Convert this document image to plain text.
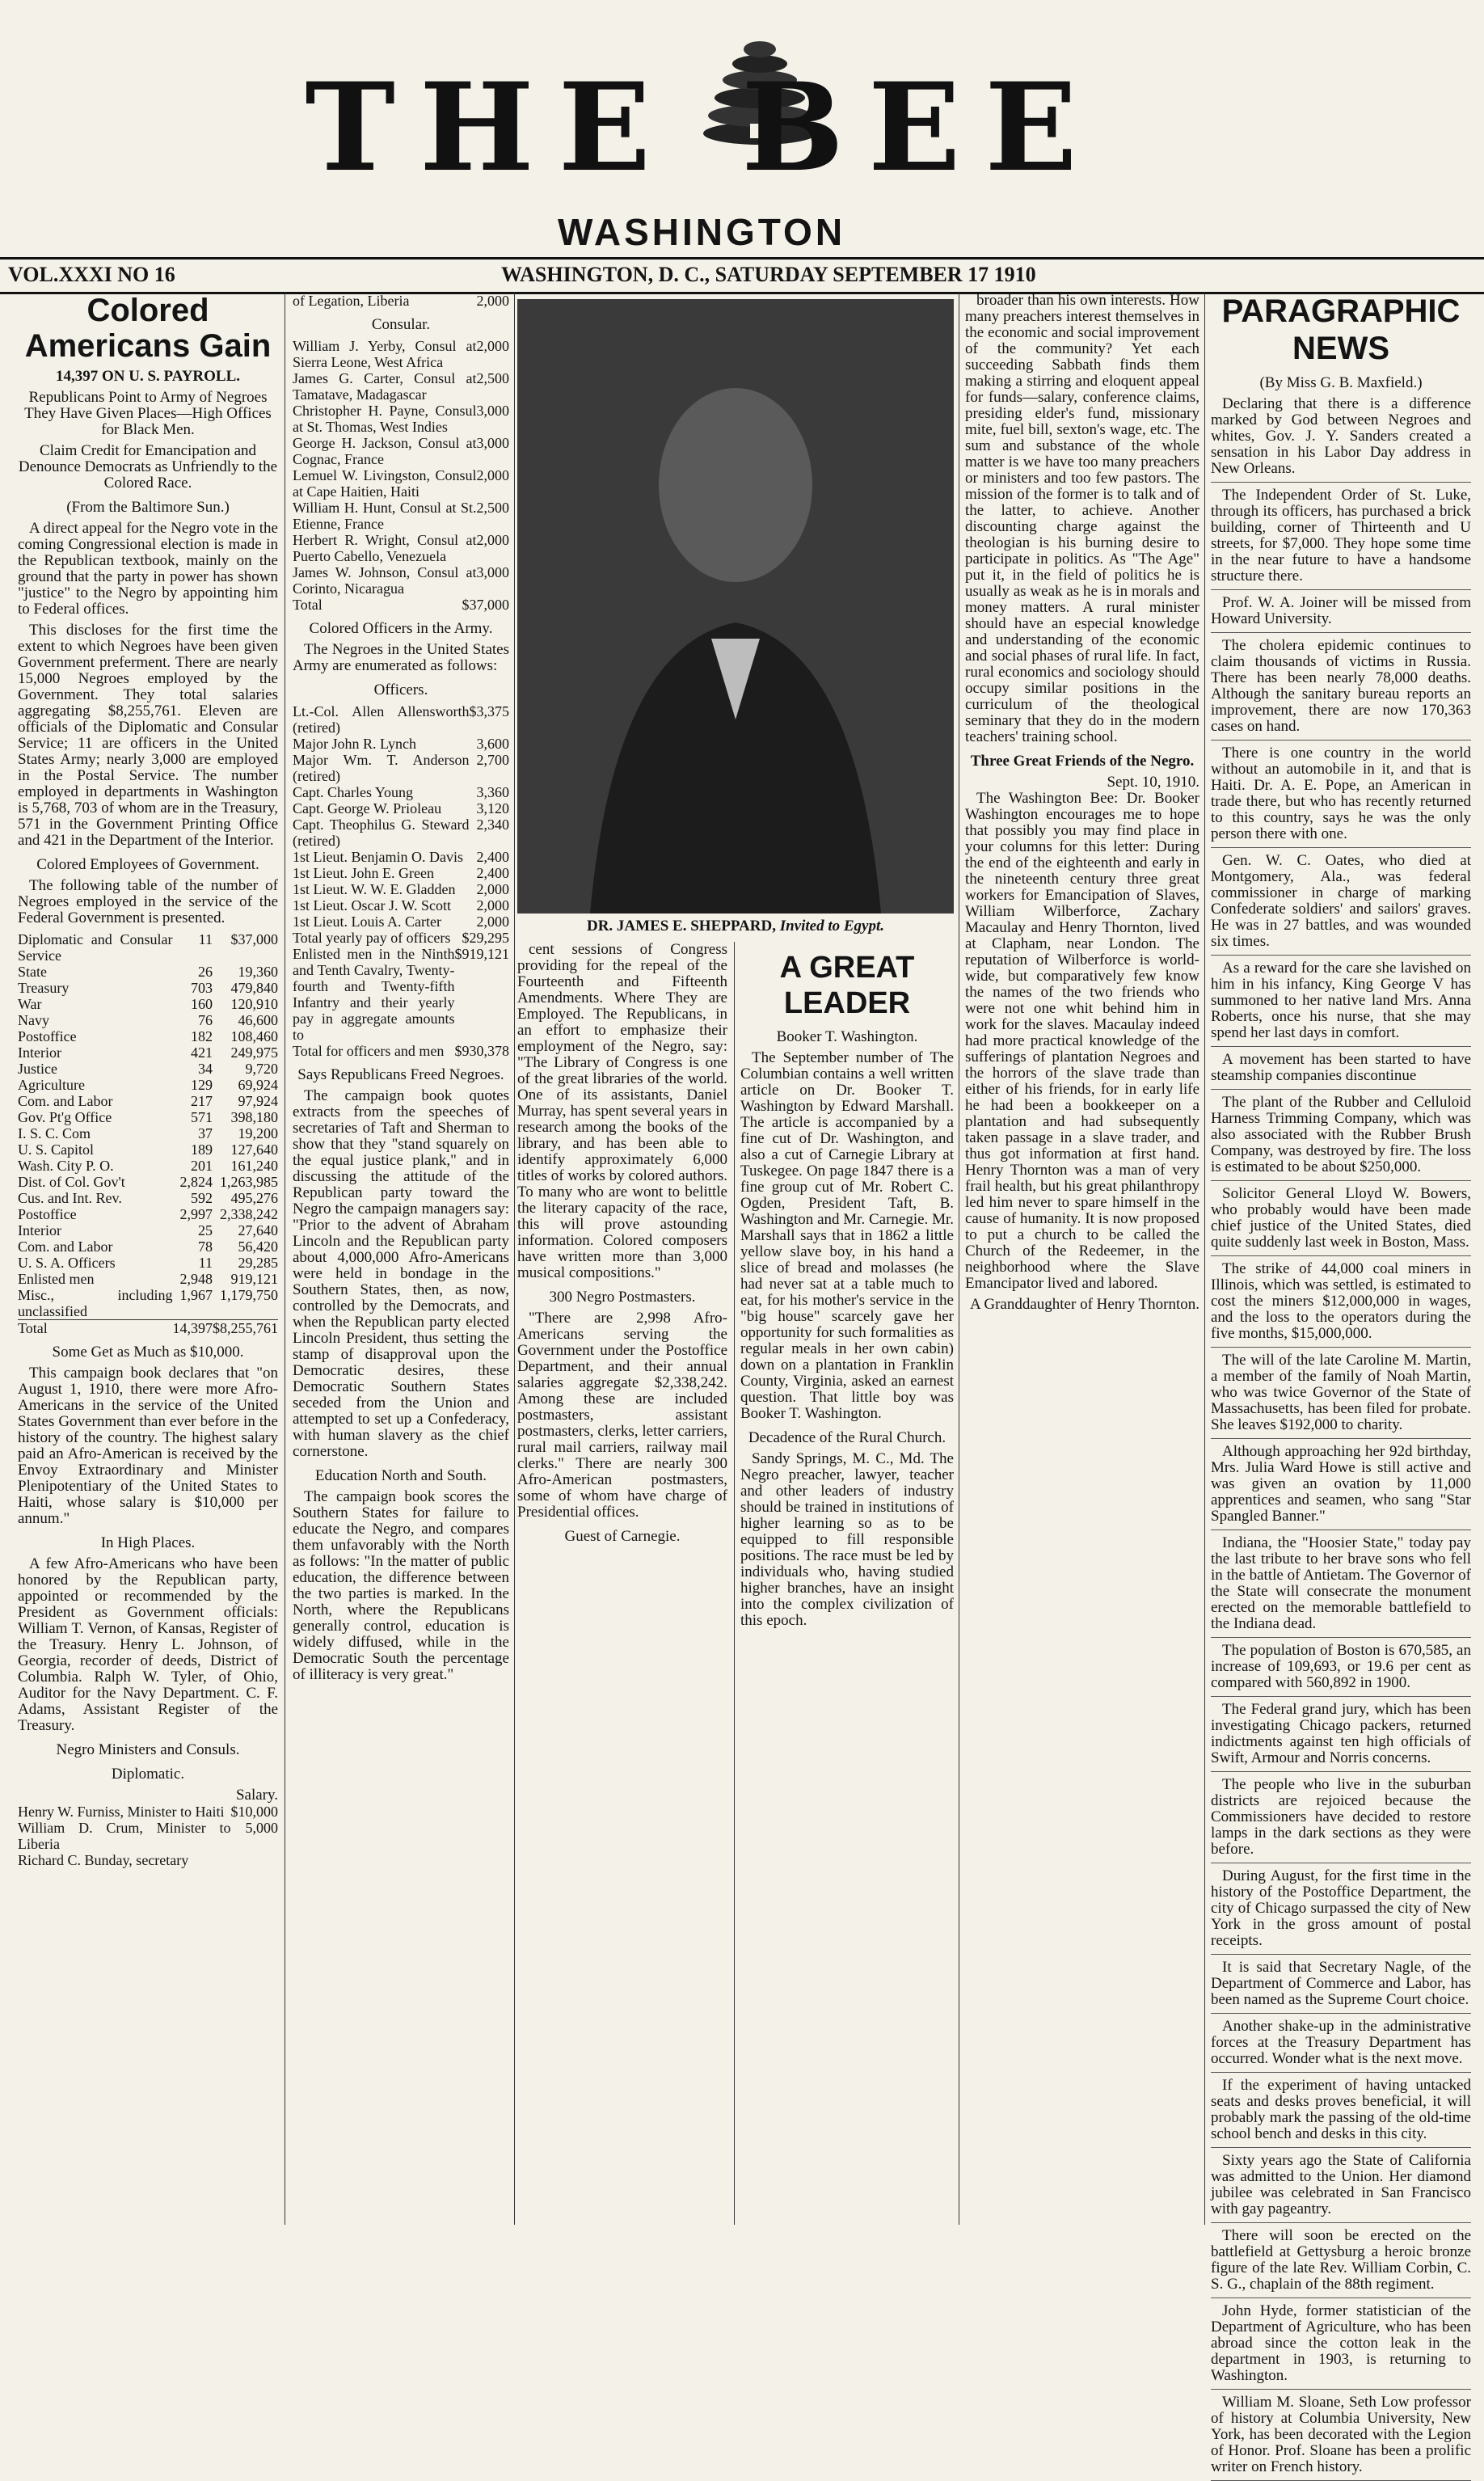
THE BEE
WASHINGTON
VOL.XXXI NO 16	WASHINGTON, D. C., SATURDAY SEPTEMBER 17 1910
Colored Americans Gain
14,397 ON U. S. PAYROLL.
Republicans Point to Army of Negroes They Have Given Places—High Offices for Black Men.
Claim Credit for Emancipation and Denounce Democrats as Unfriendly to the Colored Race.
(From the Baltimore Sun.)

A direct appeal for the Negro vote in the coming Congressional election is made in the Republican textbook, mainly on the ground that the party in power has shown "justice" to the Negro by appointing him to Federal offices.

This discloses for the first time the extent to which Negroes have been given Government preferment. There are nearly 15,000 Negroes employed by the Government. They total salaries aggregating $8,255,761. Eleven are officials of the Diplomatic and Consular Service; 11 are officers in the United States Army; nearly 3,000 are employed in the Postal Service. The number employed in departments in Washington is 5,768, 703 of whom are in the Treasury, 571 in the Government Printing Office and 421 in the Department of the Interior.

Colored Employees of Government.

The following table of the number of Negroes employed in the service of the Federal Government is presented.

Diplomatic and Consular Service	11	$37,000
State	26	19,360
Treasury	703	479,840
War	160	120,910
Navy	76	46,600
Postoffice	182	108,460
Interior	421	249,975
Justice	34	9,720
Agriculture	129	69,924
Com. and Labor	217	97,924
Gov. Pt'g Office	571	398,180
I. S. C. Com	37	19,200
U. S. Capitol	189	127,640
Wash. City P. O.	201	161,240
Dist. of Col. Gov't	2,824	1,263,985
Cus. and Int. Rev.	592	495,276
Postoffice	2,997	2,338,242
Interior	25	27,640
Com. and Labor	78	56,420
U. S. A. Officers	11	29,285
Enlisted men	2,948	919,121
Misc., including unclassified	1,967	1,179,750
Total	14,397	$8,255,761
Some Get as Much as $10,000.

This campaign book declares that "on August 1, 1910, there were more Afro-Americans in the service of the United States Government than ever before in the history of the country. The highest salary paid an Afro-American is received by the Envoy Extraordinary and Minister Plenipotentiary of the United States to Haiti, whose salary is $10,000 per annum."

In High Places.

A few Afro-Americans who have been honored by the Republican party, appointed or recommended by the President as Government officials: William T. Vernon, of Kansas, Register of the Treasury. Henry L. Johnson, of Georgia, recorder of deeds, District of Columbia. Ralph W. Tyler, of Ohio, Auditor for the Navy Department. C. F. Adams, Assistant Register of the Treasury.

Negro Ministers and Consuls.
Diplomatic.
Salary.
Henry W. Furniss, Minister to Haiti	$10,000
William D. Crum, Minister to Liberia	5,000
Richard C. Bunday, secretary	
of Legation, Liberia	2,000
Consular.
William J. Yerby, Consul at Sierra Leone, West Africa	2,000
James G. Carter, Consul at Tamatave, Madagascar	2,500
Christopher H. Payne, Consul at St. Thomas, West Indies	3,000
George H. Jackson, Consul at Cognac, France	3,000
Lemuel W. Livingston, Consul at Cape Haitien, Haiti	2,000
William H. Hunt, Consul at St. Etienne, France	2,500
Herbert R. Wright, Consul at Puerto Cabello, Venezuela	2,000
James W. Johnson, Consul at Corinto, Nicaragua	3,000
Total	$37,000
Colored Officers in the Army.

The Negroes in the United States Army are enumerated as follows:

Officers.
Lt.-Col. Allen Allensworth (retired)	$3,375
Major John R. Lynch	3,600
Major Wm. T. Anderson (retired)	2,700
Capt. Charles Young	3,360
Capt. George W. Prioleau	3,120
Capt. Theophilus G. Steward (retired)	2,340
1st Lieut. Benjamin O. Davis	2,400
1st Lieut. John E. Green	2,400
1st Lieut. W. W. E. Gladden	2,000
1st Lieut. Oscar J. W. Scott	2,000
1st Lieut. Louis A. Carter	2,000
Total yearly pay of officers	$29,295
Enlisted men in the Ninth and Tenth Cavalry, Twenty-fourth and Twenty-fifth Infantry and their yearly pay in aggregate amounts to	$919,121
Total for officers and men	$930,378
Says Republicans Freed Negroes.

The campaign book quotes extracts from the speeches of secretaries of Taft and Sherman to show that they "stand squarely on the equal justice plank," and in discussing the attitude of the Republican party toward the Negro the campaign managers say: "Prior to the advent of Abraham Lincoln and the Republican party about 4,000,000 Afro-Americans were held in bondage in the Southern States, then, as now, controlled by the Democrats, and when the Republican party elected Lincoln President, thus setting the stamp of disapproval upon the Democratic desires, these Democratic Southern States seceded from the Union and attempted to set up a Confederacy, with human slavery as the chief cornerstone.

Education North and South.

The campaign book scores the Southern States for failure to educate the Negro, and compares them unfavorably with the North as follows: "In the matter of public education, the difference between the two parties is marked. In the North, where the Republicans generally control, education is widely diffused, while in the Democratic South the percentage of illiteracy is very great."

DR. JAMES E. SHEPPARD, Invited to Egypt.

cent sessions of Congress providing for the repeal of the Fourteenth and Fifteenth Amendments. Where They are Employed. The Republicans, in an effort to emphasize their employment of the Negro, say: "The Library of Congress is one of the great libraries of the world. One of its assistants, Daniel Murray, has spent several years in research among the books of the library, and has been able to identify approximately 6,000 titles of works by colored authors. To many who are wont to belittle the literary capacity of the race, this will prove astounding information. Colored composers have written more than 3,000 musical compositions."

300 Negro Postmasters.

"There are 2,998 Afro-Americans serving the Government under the Postoffice Department, and their annual salaries aggregate $2,338,242. Among these are included postmasters, assistant postmasters, clerks, letter carriers, rural mail carriers, railway mail clerks." There are nearly 300 Afro-American postmasters, some of whom have charge of Presidential offices.

Guest of Carnegie.
A GREAT LEADER
Booker T. Washington.

The September number of The Columbian contains a well written article on Dr. Booker T. Washington by Edward Marshall. The article is accompanied by a fine cut of Dr. Washington, and also a cut of Carnegie Library at Tuskegee. On page 1847 there is a fine group cut of Mr. Robert C. Ogden, President Taft, B. Washington and Mr. Carnegie. Mr. Marshall says that in 1862 a little yellow slave boy, in his hand a slice of bread and molasses (he had never sat at a table much to eat, for his mother's service in the "big house" scarcely gave her opportunity for such formalities as regular meals in her own cabin) down on a plantation in Franklin County, Virginia, asked an earnest question. That little boy was Booker T. Washington.

Decadence of the Rural Church.

Sandy Springs, M. C., Md. The Negro preacher, lawyer, teacher and other leaders of industry should be trained in institutions of higher learning so as to be equipped to fill responsible positions. The race must be led by individuals who, having studied higher branches, have an insight into the complex civilization of this epoch.

broader than his own interests. How many preachers interest themselves in the economic and social improvement of the community? Yet each succeeding Sabbath finds them making a stirring and eloquent appeal for funds—salary, conference claims, presiding elder's fund, missionary mite, fuel bill, sexton's wage, etc. The sum and substance of the whole matter is we have too many preachers or ministers and too few pastors. The mission of the former is to talk and of the latter, to achieve. Another discounting charge against the theologian is his burning desire to participate in politics. As "The Age" put it, in the field of politics he is usually as weak as he is in morals and money matters. A rural minister should have an especial knowledge and understanding of the economic and social phases of rural life. In fact, rural economics and sociology should occupy similar positions in the curriculum of the theological seminary that they do in the modern teachers' training school.

Three Great Friends of the Negro.
Sept. 10, 1910.

The Washington Bee: Dr. Booker Washington encourages me to hope that possibly you may find place in your columns for this letter: During the end of the eighteenth and early in the nineteenth century three great workers for Emancipation of Slaves, William Wilberforce, Zachary Macaulay and Henry Thornton, lived at Clapham, near London. The reputation of Wilberforce is world-wide, but comparatively few know the names of the two friends who were not one whit behind him in work for the slaves. Macaulay indeed had more practical knowledge of the sufferings of plantation Negroes and the horrors of the slave trade than either of his friends, for in early life he had been a bookkeeper on a plantation and had subsequently taken passage in a slave trader, and thus got information at first hand. Henry Thornton was a man of very frail health, but his great philanthropy led him never to spare himself in the cause of humanity. It is now proposed to put a church to be called the Church of the Redeemer, in the neighborhood where the Slave Emancipator lived and labored.

A Granddaughter of Henry Thornton.
PARAGRAPHIC NEWS
(By Miss G. B. Maxfield.)

Declaring that there is a difference marked by God between Negroes and whites, Gov. J. Y. Sanders created a sensation in his Labor Day address in New Orleans.

The Independent Order of St. Luke, through its officers, has purchased a brick building, corner of Thirteenth and U streets, for $7,000. They hope some time in the near future to have a handsome structure there.

Prof. W. A. Joiner will be missed from Howard University.

The cholera epidemic continues to claim thousands of victims in Russia. There has been nearly 78,000 deaths. Although the sanitary bureau reports an improvement, there are now 170,363 cases on hand.

There is one country in the world without an automobile in it, and that is Haiti. Dr. A. E. Pope, an American in trade there, but who has recently returned to this country, says he was the only person there with one.

Gen. W. C. Oates, who died at Montgomery, Ala., was federal commissioner in charge of marking Confederate soldiers' and sailors' graves. He was in 27 battles, and was wounded six times.

As a reward for the care she lavished on him in his infancy, King George V has summoned to her native land Mrs. Anna Roberts, once his nurse, that she may spend her last days in comfort.

A movement has been started to have steamship companies discontinue

The plant of the Rubber and Celluloid Harness Trimming Company, which was also associated with the Rubber Brush Company, was destroyed by fire. The loss is estimated to be about $250,000.

Solicitor General Lloyd W. Bowers, who probably would have been made chief justice of the United States, died quite suddenly last week in Boston, Mass.

The strike of 44,000 coal miners in Illinois, which was settled, is estimated to cost the miners $12,000,000 in wages, and the loss to the operators during the five months, $15,000,000.

The will of the late Caroline M. Martin, a member of the family of Noah Martin, who was twice Governor of the State of Massachusetts, has been filed for probate. She leaves $192,000 to charity.

Although approaching her 92d birthday, Mrs. Julia Ward Howe is still active and was given an ovation by 11,000 apprentices and seamen, who sang "Star Spangled Banner."

Indiana, the "Hoosier State," today pay the last tribute to her brave sons who fell in the battle of Antietam. The Governor of the State will consecrate the monument erected on the memorable battlefield to the Indiana dead.

The population of Boston is 670,585, an increase of 109,693, or 19.6 per cent as compared with 560,892 in 1900.

The Federal grand jury, which has been investigating Chicago packers, returned indictments against ten high officials of Swift, Armour and Norris concerns.

The people who live in the suburban districts are rejoiced because the Commissioners have decided to restore lamps in the dark sections as they were before.

During August, for the first time in the history of the Postoffice Department, the city of Chicago surpassed the city of New York in the gross amount of postal receipts.

It is said that Secretary Nagle, of the Department of Commerce and Labor, has been named as the Supreme Court choice.

Another shake-up in the administrative forces at the Treasury Department has occurred. Wonder what is the next move.

If the experiment of having untacked seats and desks proves beneficial, it will probably mark the passing of the old-time school bench and desks in this city.

Sixty years ago the State of California was admitted to the Union. Her diamond jubilee was celebrated in San Francisco with gay pageantry.

There will soon be erected on the battlefield at Gettysburg a heroic bronze figure of the late Rev. William Corbin, C. S. G., chaplain of the 88th regiment.

John Hyde, former statistician of the Department of Agriculture, who has been abroad since the cotton leak in the department in 1903, is returning to Washington.

William M. Sloane, Seth Low professor of history at Columbia University, New York, has been decorated with the Legion of Honor. Prof. Sloane has been a prolific writer on French history.
